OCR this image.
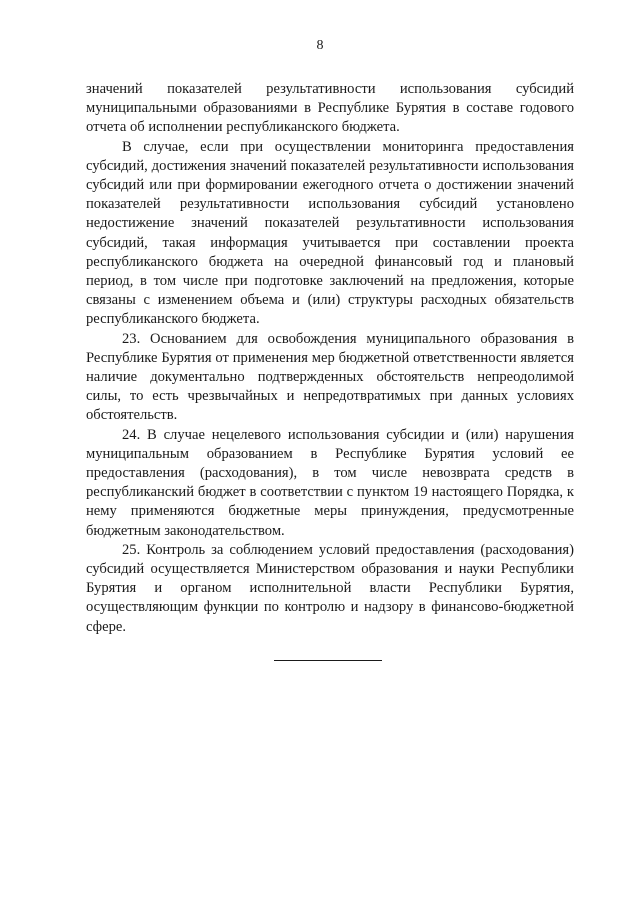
8

значений показателей результативности использования субсидий муниципальными образованиями в Республике Бурятия в составе годового отчета об исполнении республиканского бюджета.

В случае, если при осуществлении мониторинга предоставления субсидий, достижения значений показателей результативности использования субсидий или при формировании ежегодного отчета о достижении значений показателей результативности использования субсидий установлено недостижение значений показателей результативности использования субсидий, такая информация учитывается при составлении проекта республиканского бюджета на очередной финансовый год и плановый период, в том числе при подготовке заключений на предложения, которые связаны с изменением объема и (или) структуры расходных обязательств республиканского бюджета.

23. Основанием для освобождения муниципального образования в Республике Бурятия от применения мер бюджетной ответственности является наличие документально подтвержденных обстоятельств непреодолимой силы, то есть чрезвычайных и непредотвратимых при данных условиях обстоятельств.

24. В случае нецелевого использования субсидии и (или) нарушения муниципальным образованием в Республике Бурятия условий ее предоставления (расходования), в том числе невозврата средств в республиканский бюджет в соответствии с пунктом 19 настоящего Порядка, к нему применяются бюджетные меры принуждения, предусмотренные бюджетным законодательством.

25. Контроль за соблюдением условий предоставления (расходования) субсидий осуществляется Министерством образования и науки Республики Бурятия и органом исполнительной власти Республики Бурятия, осуществляющим функции по контролю и надзору в финансово-бюджетной сфере.
